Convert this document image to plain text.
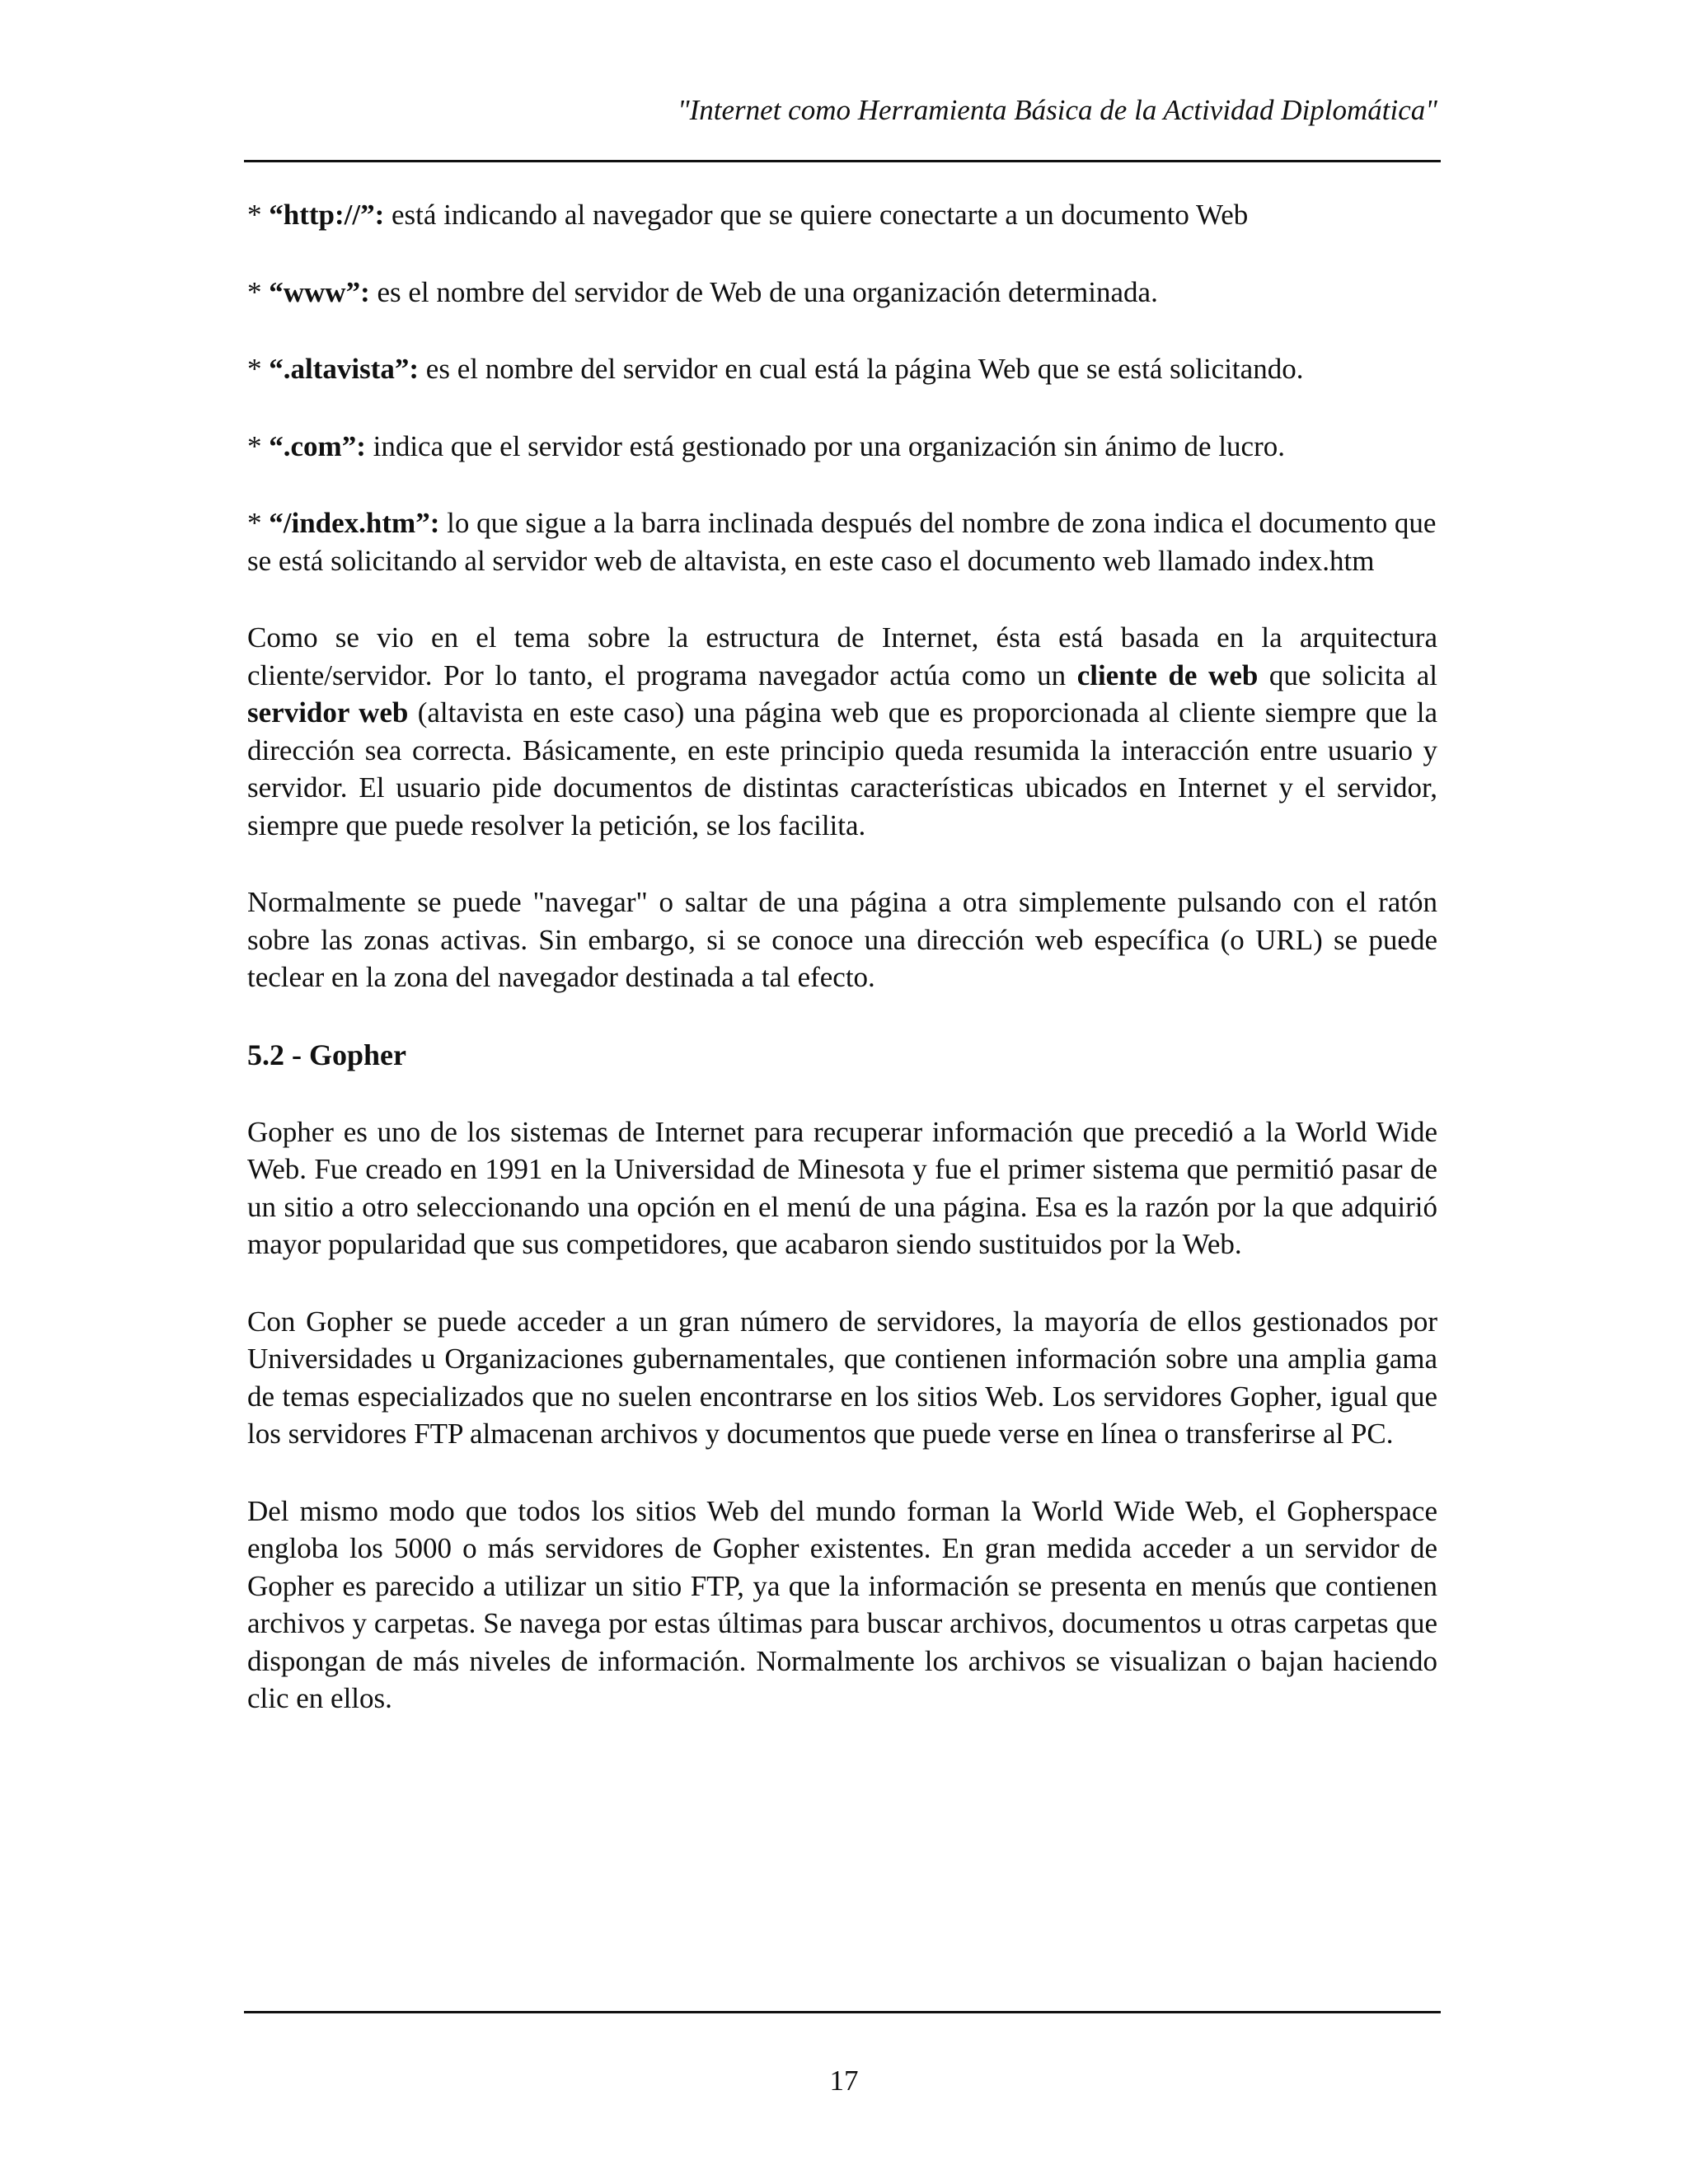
"Internet como Herramienta Básica de la Actividad Diplomática"

* “http://”: está indicando al navegador que se quiere conectarte a un documento Web

* “www”: es el nombre del servidor de Web de una organización determinada.

* “.altavista”: es el nombre del servidor en cual está la página Web que se está solicitando.

* “.com”: indica que el servidor está gestionado por una organización sin ánimo de lucro.

* “/index.htm”: lo que sigue a la barra inclinada después del nombre de zona indica el documento que se está solicitando al servidor web de altavista, en este caso el documento web llamado index.htm

Como se vio en el tema sobre la estructura de Internet, ésta está basada en la arquitectura cliente/servidor. Por lo tanto, el programa navegador actúa como un cliente de web que solicita al servidor web (altavista en este caso) una página web que es proporcionada al cliente siempre que la dirección sea correcta. Básicamente, en este principio queda resumida la interacción entre usuario y servidor. El usuario pide documentos de distintas características ubicados en Internet y el servidor, siempre que puede resolver la petición, se los facilita.

Normalmente se puede "navegar" o saltar de una página a otra simplemente pulsando con el ratón sobre las zonas activas. Sin embargo, si se conoce una dirección web específica (o URL) se puede teclear en la zona del navegador destinada a tal efecto.

5.2 - Gopher

Gopher es uno de los sistemas de Internet para recuperar información que precedió a la World Wide Web. Fue creado en 1991 en la Universidad de Minesota y fue el primer sistema que permitió pasar de un sitio a otro seleccionando una opción en el menú de una página. Esa es la razón por la que adquirió mayor popularidad que sus competidores, que acabaron siendo sustituidos por la Web.

Con Gopher se puede acceder a un gran número de servidores, la mayoría de ellos gestionados por Universidades u Organizaciones gubernamentales, que contienen información sobre una amplia gama de temas especializados que no suelen encontrarse en los sitios Web. Los servidores Gopher, igual que los servidores FTP almacenan archivos y documentos que puede verse en línea o transferirse al PC.

Del mismo modo que todos los sitios Web del mundo forman la World Wide Web, el Gopherspace engloba los 5000 o más servidores de Gopher existentes. En gran medida acceder a un servidor de Gopher es parecido a utilizar un sitio FTP, ya que la información se presenta en menús que contienen archivos y carpetas. Se navega por estas últimas para buscar archivos, documentos u otras carpetas que dispongan de más niveles de información. Normalmente los archivos se visualizan o bajan haciendo clic en ellos.

17
